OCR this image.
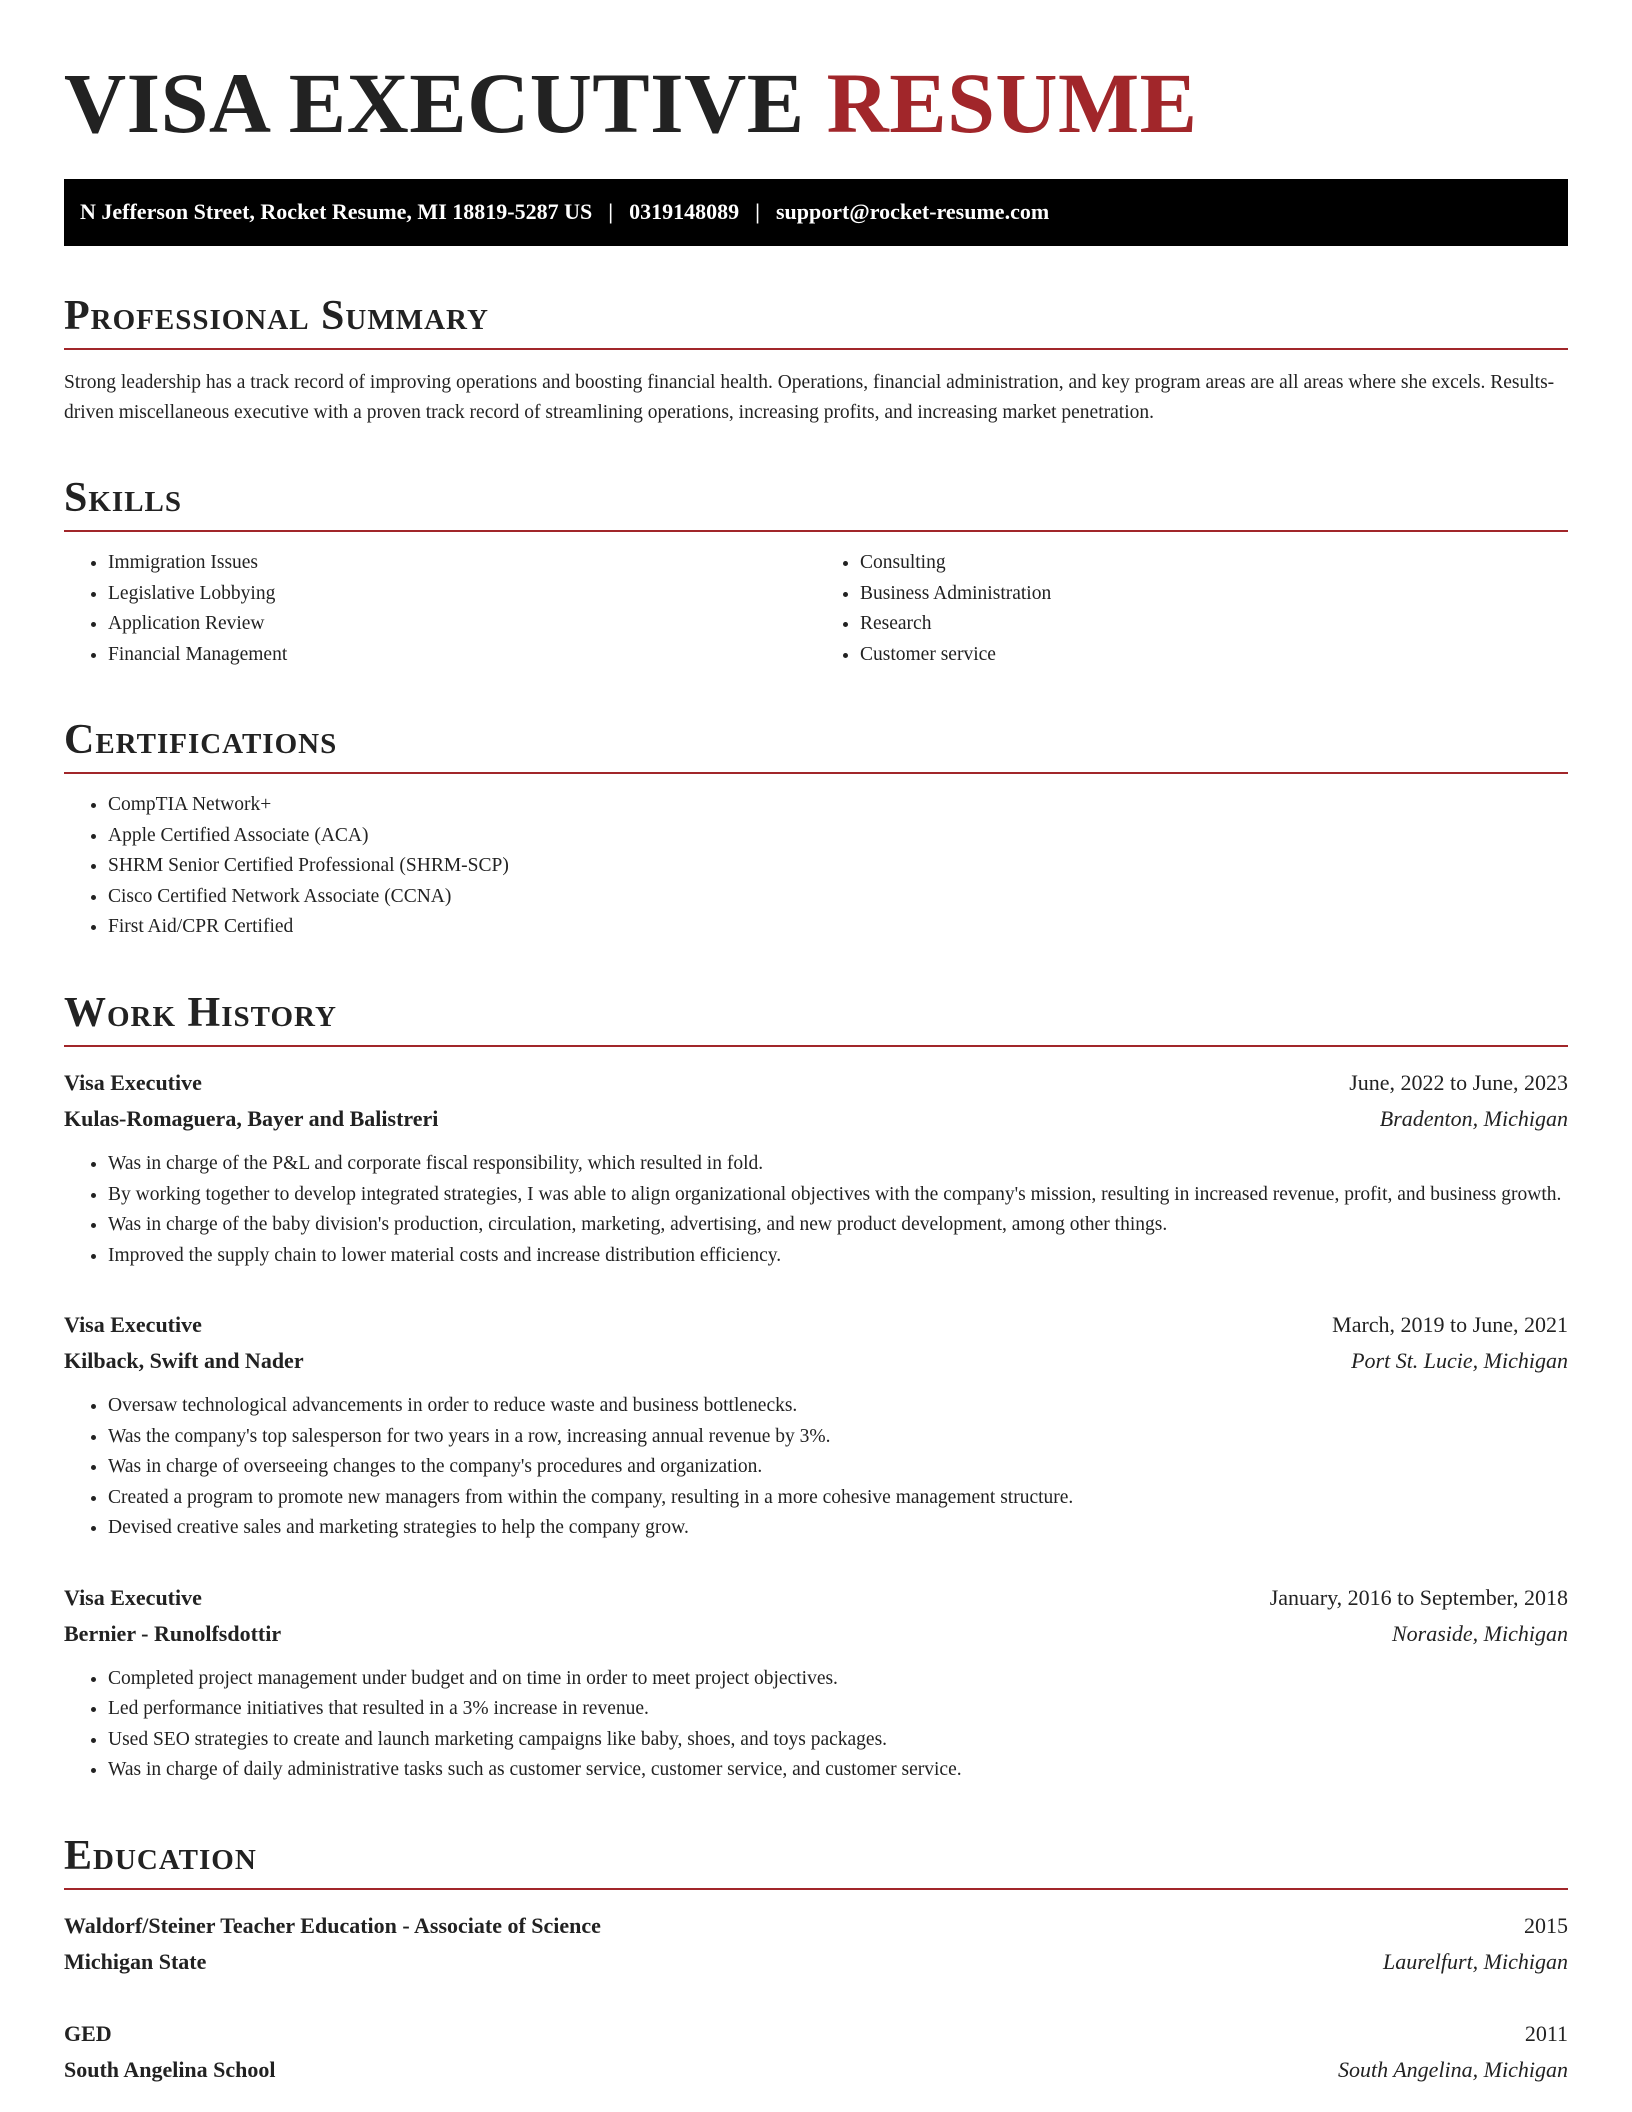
VISA EXECUTIVE RESUME
N Jefferson Street, Rocket Resume, MI 18819-5287 US | 0319148089 | support@rocket-resume.com
Professional Summary

Strong leadership has a track record of improving operations and boosting financial health. Operations, financial administration, and key program areas are all areas where she excels. Results-driven miscellaneous executive with a proven track record of streamlining operations, increasing profits, and increasing market penetration.

Skills
• Immigration Issues
• Legislative Lobbying
• Application Review
• Financial Management
• Consulting
• Business Administration
• Research
• Customer service
Certifications
• CompTIA Network+
• Apple Certified Associate (ACA)
• SHRM Senior Certified Professional (SHRM-SCP)
• Cisco Certified Network Associate (CCNA)
• First Aid/CPR Certified
Work History
Visa Executive	June, 2022 to June, 2023
Kulas-Romaguera, Bayer and Balistreri	Bradenton, Michigan
• Was in charge of the P&L and corporate fiscal responsibility, which resulted in fold.
• By working together to develop integrated strategies, I was able to align organizational objectives with the company's mission, resulting in increased revenue, profit, and business growth.
• Was in charge of the baby division's production, circulation, marketing, advertising, and new product development, among other things.
• Improved the supply chain to lower material costs and increase distribution efficiency.
Visa Executive	March, 2019 to June, 2021
Kilback, Swift and Nader	Port St. Lucie, Michigan
• Oversaw technological advancements in order to reduce waste and business bottlenecks.
• Was the company's top salesperson for two years in a row, increasing annual revenue by 3%.
• Was in charge of overseeing changes to the company's procedures and organization.
• Created a program to promote new managers from within the company, resulting in a more cohesive management structure.
• Devised creative sales and marketing strategies to help the company grow.
Visa Executive	January, 2016 to September, 2018
Bernier - Runolfsdottir	Noraside, Michigan
• Completed project management under budget and on time in order to meet project objectives.
• Led performance initiatives that resulted in a 3% increase in revenue.
• Used SEO strategies to create and launch marketing campaigns like baby, shoes, and toys packages.
• Was in charge of daily administrative tasks such as customer service, customer service, and customer service.
Education
Waldorf/Steiner Teacher Education - Associate of Science	2015
Michigan State	Laurelfurt, Michigan
GED	2011
South Angelina School	South Angelina, Michigan
